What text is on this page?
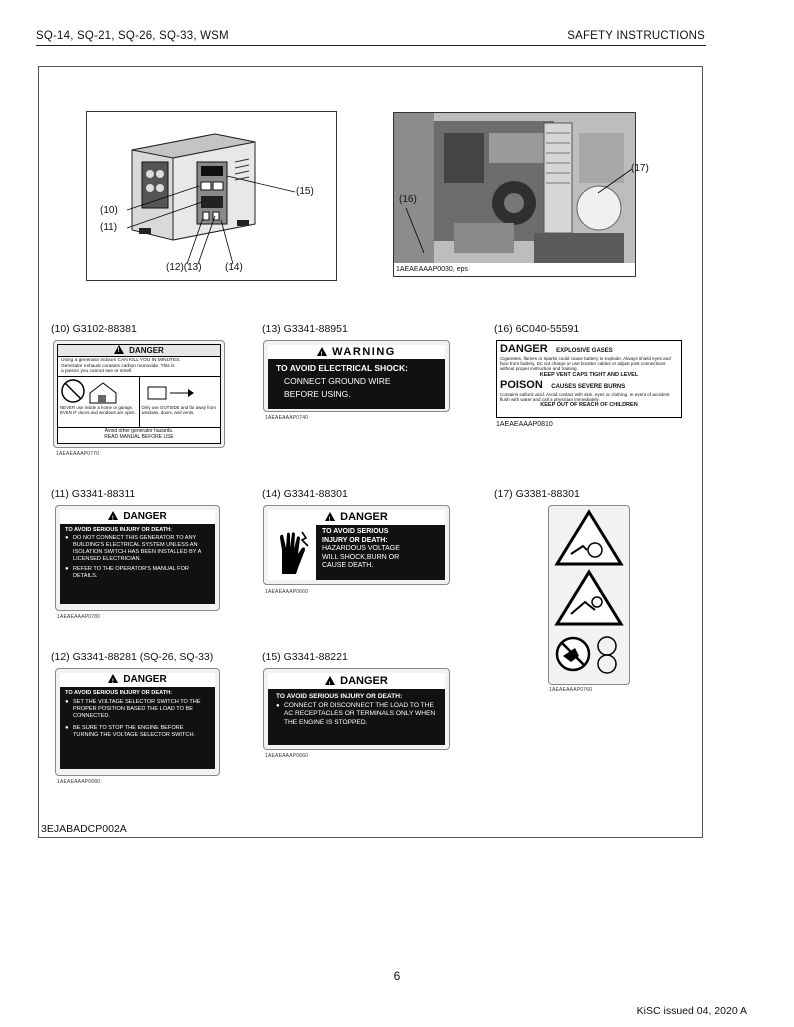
SQ-14, SQ-21, SQ-26, SQ-33, WSM	SAFETY INSTRUCTIONS
(10)
(11)
(12)(13) (14)
(15)
(16)
(17)
1AEAEAAAP0030, eps
(10) G3102-88381
!DANGER
Using a generator indoors CAN KILL YOU IN MINUTES.
Generator exhaust contains carbon monoxide. This is
a poison you cannot see or smell.
NEVER use inside a home or garage, EVEN IF doors and windows are open.
Only use OUTSIDE and far away from windows, doors, and vents.
Avoid other generator hazards.
READ MANUAL BEFORE USE
1AEAEAAAP0770
(13) G3341-88951
!WARNING
TO AVOID ELECTRICAL SHOCK:
CONNECT GROUND WIRE
BEFORE USING.
1AEAEAAAP0740
(16) 6C040-55591
DANGER EXPLOSIVE GASES
Cigarettes, flames or sparks could cause battery to explode. Always shield eyes and face from battery. Do not charge or use booster cables or adjust post connections without proper instruction and training.
KEEP VENT CAPS TIGHT AND LEVEL
POISON CAUSES SEVERE BURNS
Contains sulfuric acid. Avoid contact with skin, eyes or clothing. In event of accident flush with water and call a physician immediately.
KEEP OUT OF REACH OF CHILDREN
1AEAEAAAP0810
(11) G3341-88311
!DANGER
TO AVOID SERIOUS INJURY OR DEATH:
● DO NOT CONNECT THIS GENERATOR TO ANY BUILDING'S ELECTRICAL SYSTEM UNLESS AN ISOLATION SWITCH HAS BEEN INSTALLED BY A LICENSED ELECTRICIAN.
● REFER TO THE OPERATOR'S MANUAL FOR DETAILS.
1AEAEAAAP0780
(14) G3341-88301
!DANGER
TO AVOID SERIOUS
INJURY OR DEATH:
HAZARDOUS VOLTAGE
WILL SHOCK,BURN OR
CAUSE DEATH.
1AEAEAAAP0660
(17) G3381-88301
1AEAEAAAP0760
(12) G3341-88281 (SQ-26, SQ-33)
!DANGER
TO AVOID SERIOUS INJURY OR DEATH:
● SET THE VOLTAGE SELECTOR SWITCH TO THE PROPER POSITION BASED THE LOAD TO BE CONNECTED.
● BE SURE TO STOP THE ENGINE BEFORE TURNING THE VOLTAGE SELECTOR SWITCH.
1AEAEAAAP0680
(15) G3341-88221
!DANGER
TO AVOID SERIOUS INJURY OR DEATH:
● CONNECT OR DISCONNECT THE LOAD TO THE AC RECEPTACLES OR TERMINALS ONLY WHEN THE ENGINE IS STOPPED.
1AEAEAAAP0660
3EJABADCP002A
6
KiSC issued 04, 2020 A
